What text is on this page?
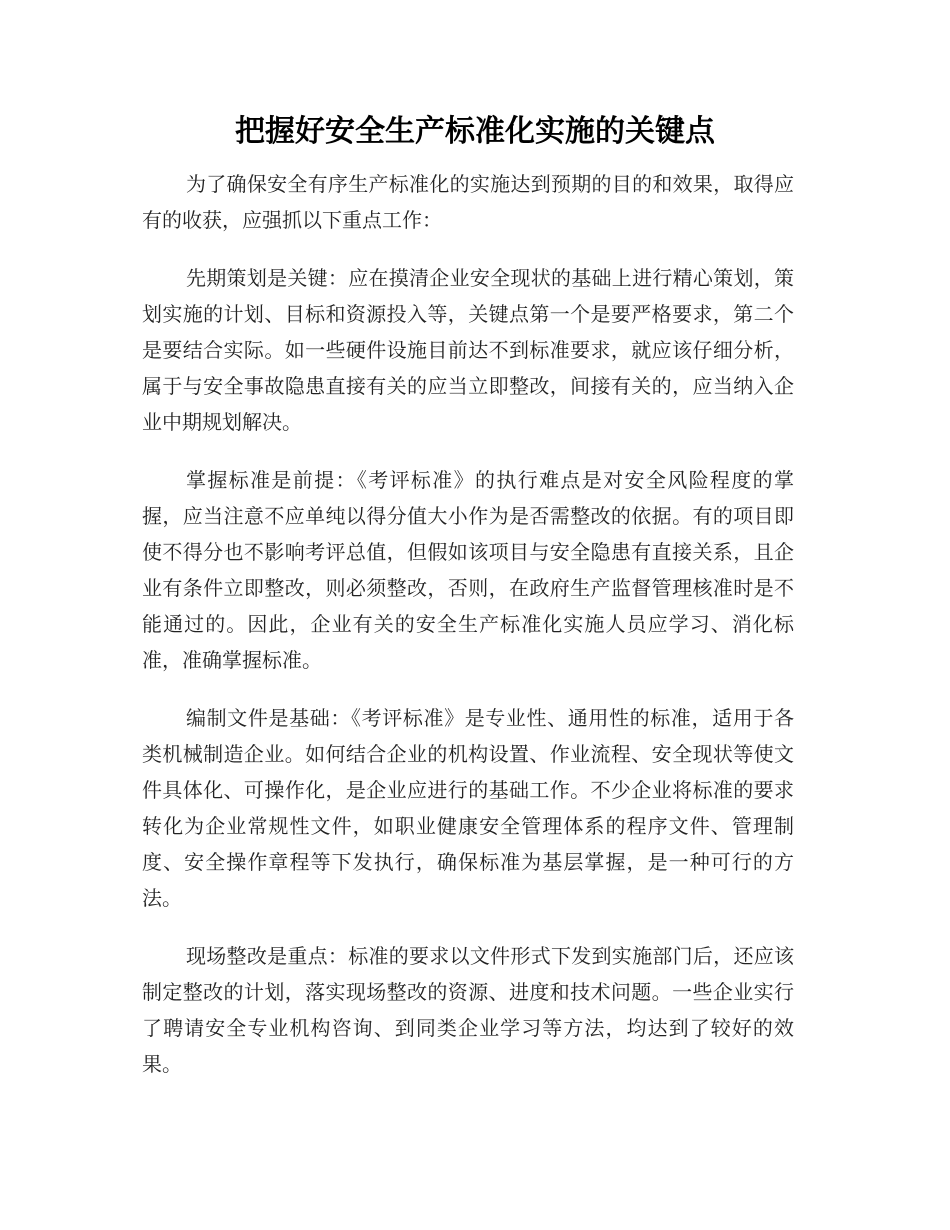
把握好安全生产标准化实施的关键点

为了确保安全有序生产标准化的实施达到预期的目的和效果，取得应有的收获，应强抓以下重点工作：

先期策划是关键：应在摸清企业安全现状的基础上进行精心策划，策划实施的计划、目标和资源投入等，关键点第一个是要严格要求，第二个是要结合实际。如一些硬件设施目前达不到标准要求，就应该仔细分析，属于与安全事故隐患直接有关的应当立即整改，间接有关的，应当纳入企业中期规划解决。

掌握标准是前提：《考评标准》的执行难点是对安全风险程度的掌握，应当注意不应单纯以得分值大小作为是否需整改的依据。有的项目即使不得分也不影响考评总值，但假如该项目与安全隐患有直接关系，且企业有条件立即整改，则必须整改，否则，在政府生产监督管理核准时是不能通过的。因此，企业有关的安全生产标准化实施人员应学习、消化标准，准确掌握标准。

编制文件是基础：《考评标准》是专业性、通用性的标准，适用于各类机械制造企业。如何结合企业的机构设置、作业流程、安全现状等使文件具体化、可操作化，是企业应进行的基础工作。不少企业将标准的要求转化为企业常规性文件，如职业健康安全管理体系的程序文件、管理制度、安全操作章程等下发执行，确保标准为基层掌握，是一种可行的方法。

现场整改是重点：标准的要求以文件形式下发到实施部门后，还应该制定整改的计划，落实现场整改的资源、进度和技术问题。一些企业实行了聘请安全专业机构咨询、到同类企业学习等方法，均达到了较好的效果。
